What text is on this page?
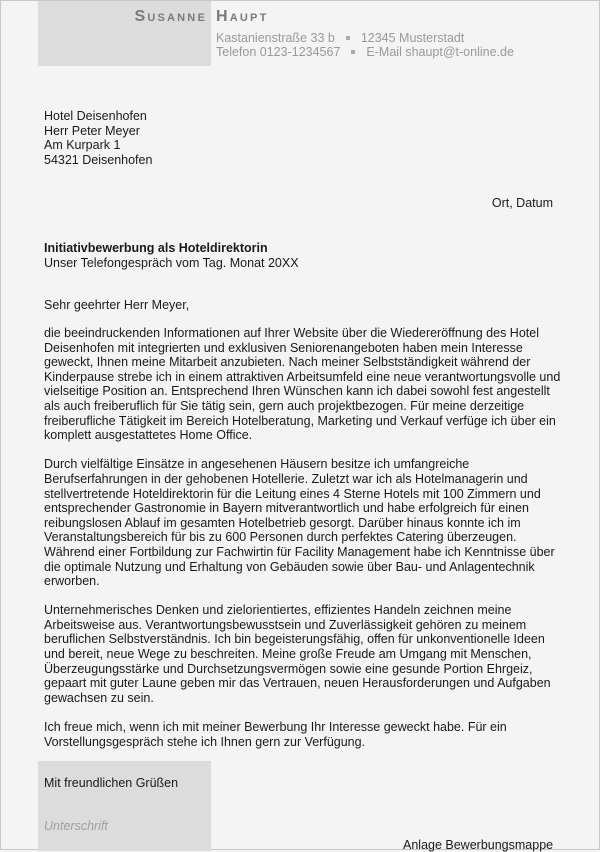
Susanne Haupt
Kastanienstraße 33 b 12345 Musterstadt
Telefon 0123-1234567 E-Mail shaupt@t-online.de
Hotel Deisenhofen
Herr Peter Meyer
Am Kurpark 1
54321 Deisenhofen
Ort, Datum
Initiativbewerbung als Hoteldirektorin
Unser Telefongespräch vom Tag. Monat 20XX
Sehr geehrter Herr Meyer,

die beeindruckenden Informationen auf Ihrer Website über die Wiedereröffnung des Hotel Deisenhofen mit integrierten und exklusiven Seniorenangeboten haben mein Interesse geweckt, Ihnen meine Mitarbeit anzubieten. Nach meiner Selbstständigkeit während der Kinderpause strebe ich in einem attraktiven Arbeitsumfeld eine neue verantwortungsvolle und vielseitige Position an. Entsprechend Ihren Wünschen kann ich dabei sowohl fest angestellt als auch freiberuflich für Sie tätig sein, gern auch projektbezogen. Für meine derzeitige freiberufliche Tätigkeit im Bereich Hotelberatung, Marketing und Verkauf verfüge ich über ein komplett ausgestattetes Home Office.

Durch vielfältige Einsätze in angesehenen Häusern besitze ich umfangreiche Berufserfahrungen in der gehobenen Hotellerie. Zuletzt war ich als Hotelmanagerin und stellvertretende Hoteldirektorin für die Leitung eines 4 Sterne Hotels mit 100 Zimmern und entsprechender Gastronomie in Bayern mitverantwortlich und habe erfolgreich für einen reibungslosen Ablauf im gesamten Hotelbetrieb gesorgt. Darüber hinaus konnte ich im Veranstaltungsbereich für bis zu 600 Personen durch perfektes Catering überzeugen. Während einer Fortbildung zur Fachwirtin für Facility Management habe ich Kenntnisse über die optimale Nutzung und Erhaltung von Gebäuden sowie über Bau- und Anlagentechnik erworben.

Unternehmerisches Denken und zielorientiertes, effizientes Handeln zeichnen meine Arbeitsweise aus. Verantwortungsbewusstsein und Zuverlässigkeit gehören zu meinem beruflichen Selbstverständnis. Ich bin begeisterungsfähig, offen für unkonventionelle Ideen und bereit, neue Wege zu beschreiten. Meine große Freude am Umgang mit Menschen, Überzeugungsstärke und Durchsetzungsvermögen sowie eine gesunde Portion Ehrgeiz, gepaart mit guter Laune geben mir das Vertrauen, neuen Herausforderungen und Aufgaben gewachsen zu sein.

Ich freue mich, wenn ich mit meiner Bewerbung Ihr Interesse geweckt habe. Für ein Vorstellungsgespräch stehe ich Ihnen gern zur Verfügung.

Mit freundlichen Grüßen
Unterschrift
Anlage Bewerbungsmappe
